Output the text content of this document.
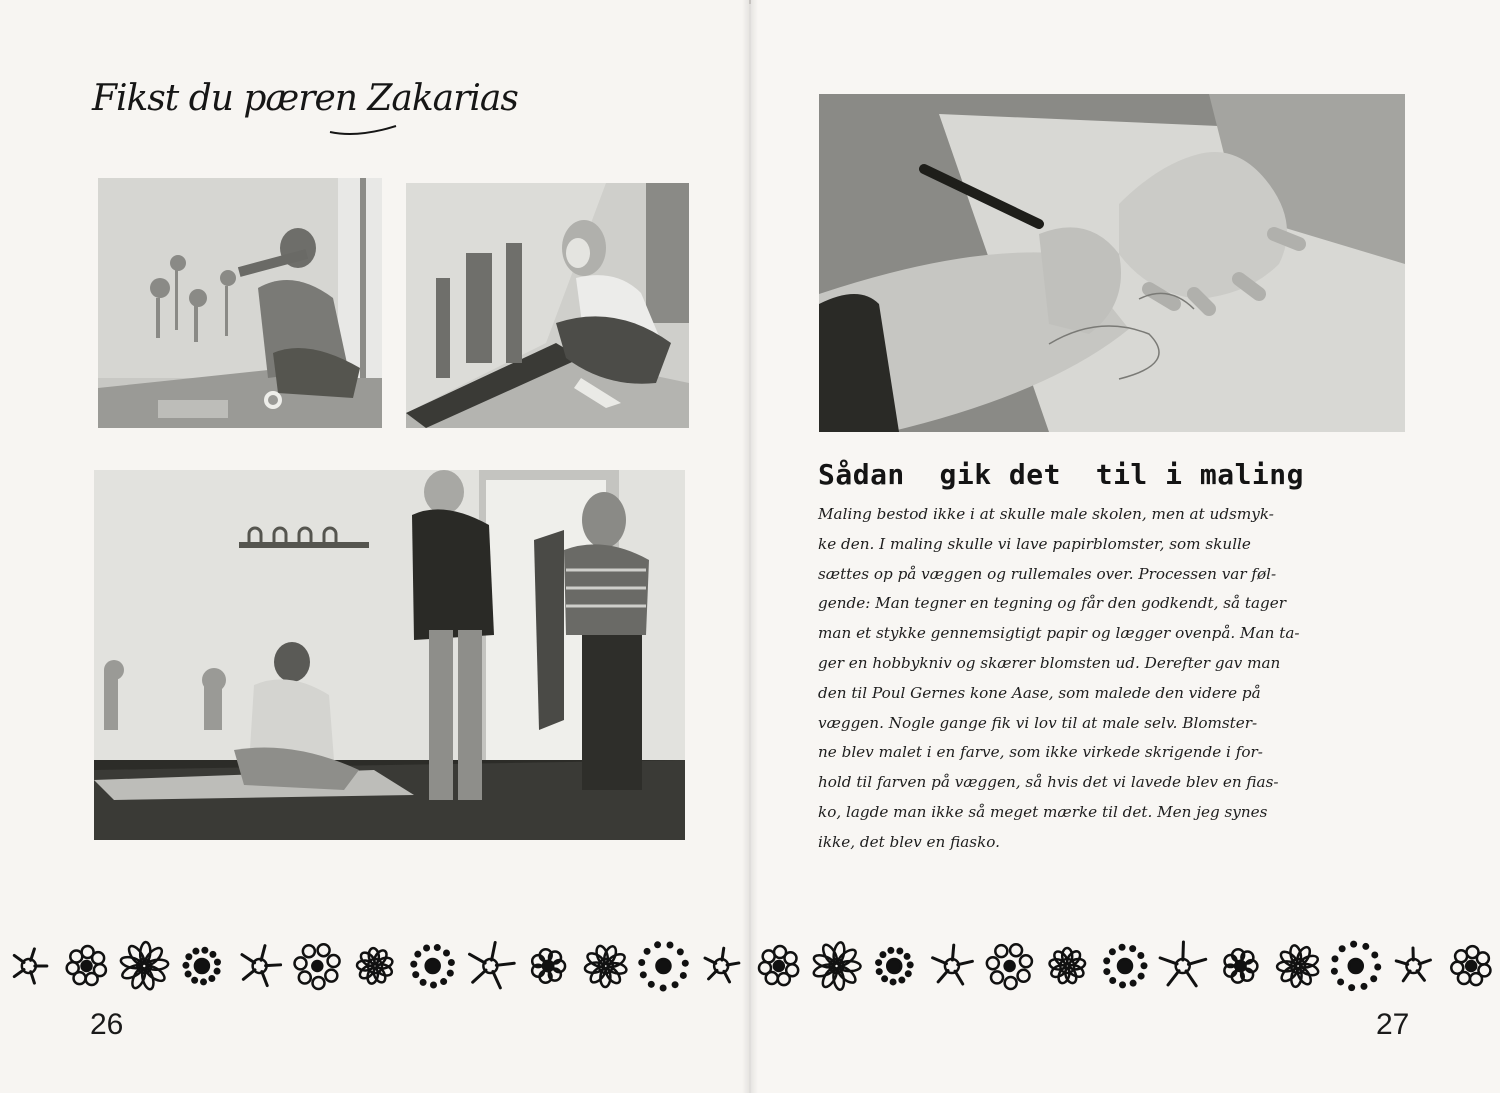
Fikst du pæren Zakarias
26
Sådan  gik det  til i maling
Maling bestod ikke i at skulle male skolen, men at udsmyk-
ke den. I maling skulle vi lave papirblomster, som skulle
sættes op på væggen og rullemales over. Processen var føl-
gende: Man tegner en tegning og får den godkendt, så tager
man et stykke gennemsigtigt papir og lægger ovenpå. Man ta-
ger en hobbykniv og skærer blomsten ud. Derefter gav man
den til Poul Gernes kone Aase, som malede den videre på
væggen. Nogle gange fik vi lov til at male selv. Blomster-
ne blev malet i en farve, som ikke virkede skrigende i for-
hold til farven på væggen, så hvis det vi lavede blev en fias-
ko, lagde man ikke så meget mærke til det. Men jeg synes
ikke, det blev en fiasko.
27
